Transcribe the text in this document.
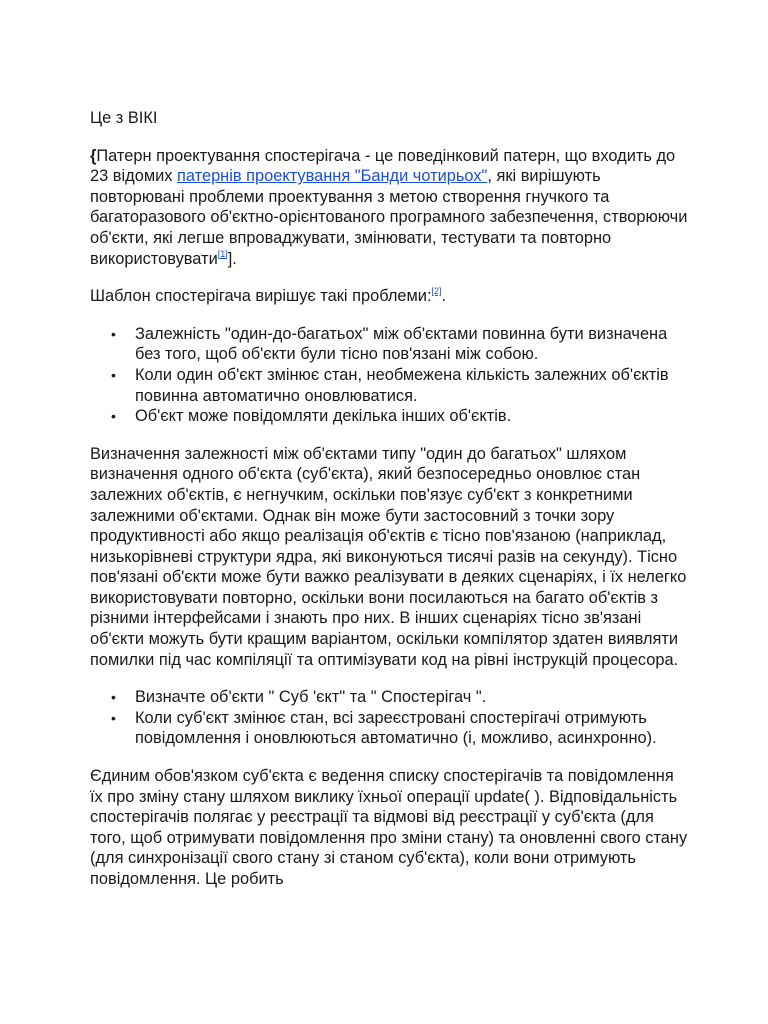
Це з ВІКІ

{Патерн проектування спостерігача - це поведінковий патерн, що входить до 23 відомих патернів проектування "Банди чотирьох", які вирішують повторювані проблеми проектування з метою створення гнучкого та багаторазового об'єктно-орієнтованого програмного забезпечення, створюючи об'єкти, які легше впроваджувати, змінювати, тестувати та повторно використовувати[1]].

Шаблон спостерігача вирішує такі проблеми:[2].

• Залежність "один-до-багатьох" між об'єктами повинна бути визначена без того, щоб об'єкти були тісно пов'язані між собою.
• Коли один об'єкт змінює стан, необмежена кількість залежних об'єктів повинна автоматично оновлюватися.
• Об'єкт може повідомляти декілька інших об'єктів.

Визначення залежності між об'єктами типу "один до багатьох" шляхом визначення одного об'єкта (суб'єкта), який безпосередньо оновлює стан залежних об'єктів, є негнучким, оскільки пов'язує суб'єкт з конкретними залежними об'єктами. Однак він може бути застосовний з точки зору продуктивності або якщо реалізація об'єктів є тісно пов'язаною (наприклад, низькорівневі структури ядра, які виконуються тисячі разів на секунду). Тісно пов'язані об'єкти може бути важко реалізувати в деяких сценаріях, і їх нелегко використовувати повторно, оскільки вони посилаються на багато об'єктів з різними інтерфейсами і знають про них. В інших сценаріях тісно зв'язані об'єкти можуть бути кращим варіантом, оскільки компілятор здатен виявляти помилки під час компіляції та оптимізувати код на рівні інструкцій процесора.

• Визначте об'єкти " Суб 'єкт" та " Спостерігач ".
• Коли суб'єкт змінює стан, всі зареєстровані спостерігачі отримують повідомлення і оновлюються автоматично (і, можливо, асинхронно).

Єдиним обов'язком суб'єкта є ведення списку спостерігачів та повідомлення їх про зміну стану шляхом виклику їхньої операції update( ). Відповідальність спостерігачів полягає у реєстрації та відмові від реєстрації у суб'єкта (для того, щоб отримувати повідомлення про зміни стану) та оновленні свого стану (для синхронізації свого стану зі станом суб'єкта), коли вони отримують повідомлення. Це робить
